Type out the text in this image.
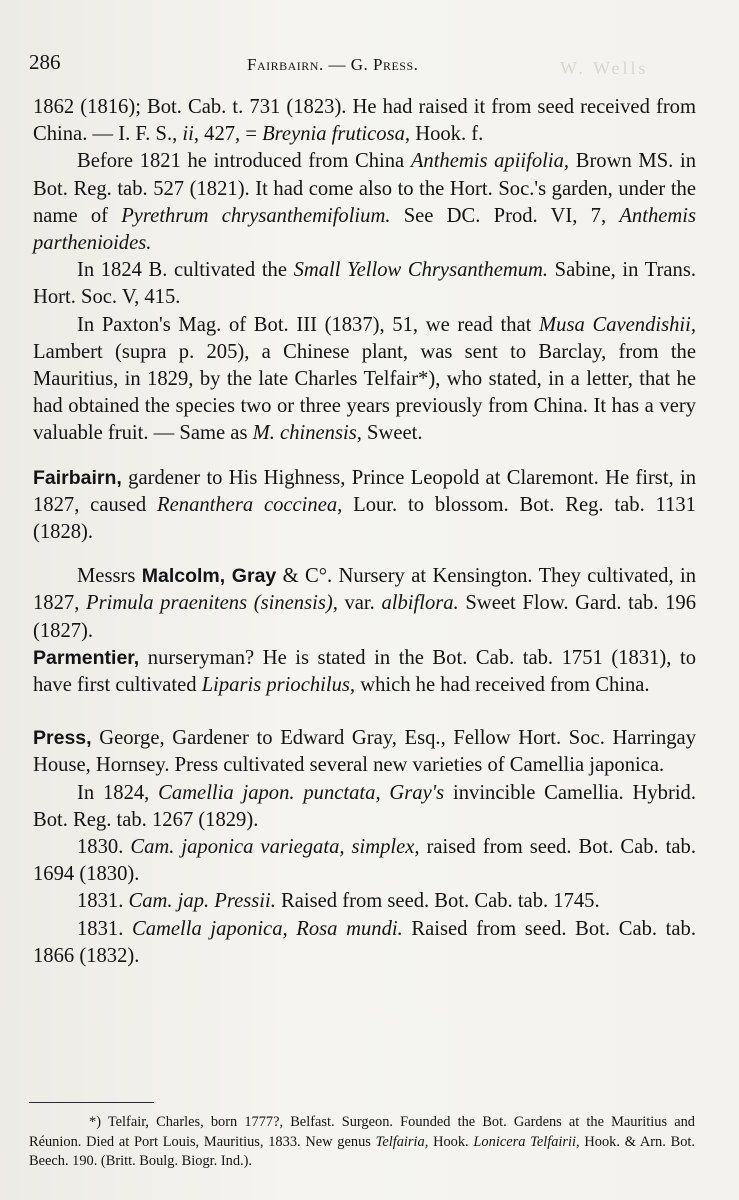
W. Wells
286	Fairbairn. — G. Press.

1862 (1816); Bot. Cab. t. 731 (1823). He had raised it from seed received from China. — I. F. S., ii, 427, = Breynia fruticosa, Hook. f.

Before 1821 he introduced from China Anthemis apiifolia, Brown MS. in Bot. Reg. tab. 527 (1821). It had come also to the Hort. Soc.'s garden, under the name of Pyrethrum chrysanthemifolium. See DC. Prod. VI, 7, Anthemis parthenioides.

In 1824 B. cultivated the Small Yellow Chrysanthemum. Sabine, in Trans. Hort. Soc. V, 415.

In Paxton's Mag. of Bot. III (1837), 51, we read that Musa Cavendishii, Lambert (supra p. 205), a Chinese plant, was sent to Barclay, from the Mauritius, in 1829, by the late Charles Telfair*), who stated, in a letter, that he had obtained the species two or three years previously from China. It has a very valuable fruit. — Same as M. chinensis, Sweet.

Fairbairn, gardener to His Highness, Prince Leopold at Claremont. He first, in 1827, caused Renanthera coccinea, Lour. to blossom. Bot. Reg. tab. 1131 (1828).

Messrs Malcolm, Gray & C°. Nursery at Kensington. They cultivated, in 1827, Primula praenitens (sinensis), var. albiflora. Sweet Flow. Gard. tab. 196 (1827).

Parmentier, nurseryman? He is stated in the Bot. Cab. tab. 1751 (1831), to have first cultivated Liparis priochilus, which he had received from China.

Press, George, Gardener to Edward Gray, Esq., Fellow Hort. Soc. Harringay House, Hornsey. Press cultivated several new varieties of Camellia japonica.

In 1824, Camellia japon. punctata, Gray's invincible Camellia. Hybrid. Bot. Reg. tab. 1267 (1829).

1830. Cam. japonica variegata, simplex, raised from seed. Bot. Cab. tab. 1694 (1830).

1831. Cam. jap. Pressii. Raised from seed. Bot. Cab. tab. 1745.

1831. Camella japonica, Rosa mundi. Raised from seed. Bot. Cab. tab. 1866 (1832).

*) Telfair, Charles, born 1777?, Belfast. Surgeon. Founded the Bot. Gardens at the Mauritius and Réunion. Died at Port Louis, Mauritius, 1833. New genus Telfairia, Hook. Lonicera Telfairii, Hook. & Arn. Bot. Beech. 190. (Britt. Boulg. Biogr. Ind.).
